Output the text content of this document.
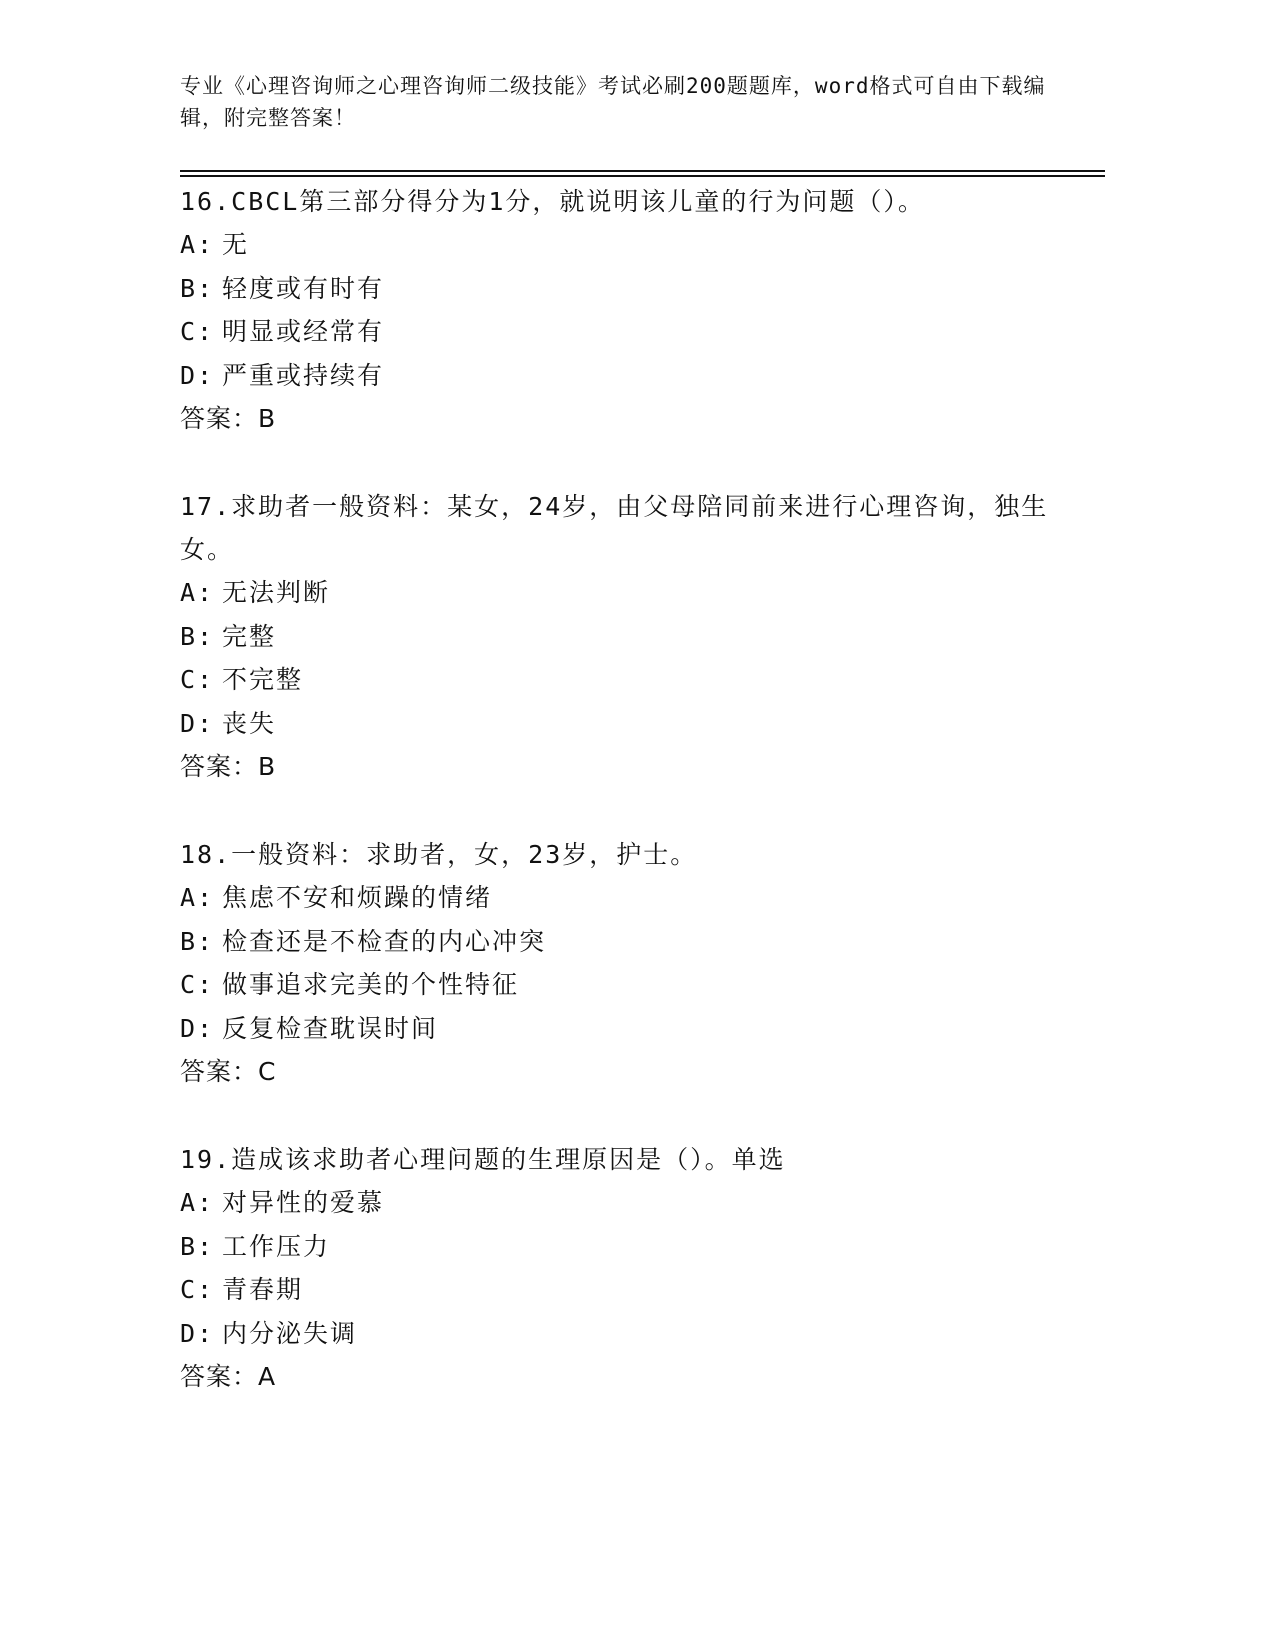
专业《心理咨询师之心理咨询师二级技能》考试必刷200题题库，word格式可自由下载编辑，附完整答案！

16.CBCL第三部分得分为1分，就说明该儿童的行为问题（）。

A: 无

B: 轻度或有时有

C: 明显或经常有

D: 严重或持续有

答案：B

17.求助者一般资料：某女，24岁，由父母陪同前来进行心理咨询，独生女。

A: 无法判断

B: 完整

C: 不完整

D: 丧失

答案：B

18.一般资料：求助者，女，23岁，护士。

A: 焦虑不安和烦躁的情绪

B: 检查还是不检查的内心冲突

C: 做事追求完美的个性特征

D: 反复检查耽误时间

答案：C

19.造成该求助者心理问题的生理原因是（）。单选

A: 对异性的爱慕

B: 工作压力

C: 青春期

D: 内分泌失调

答案：A
